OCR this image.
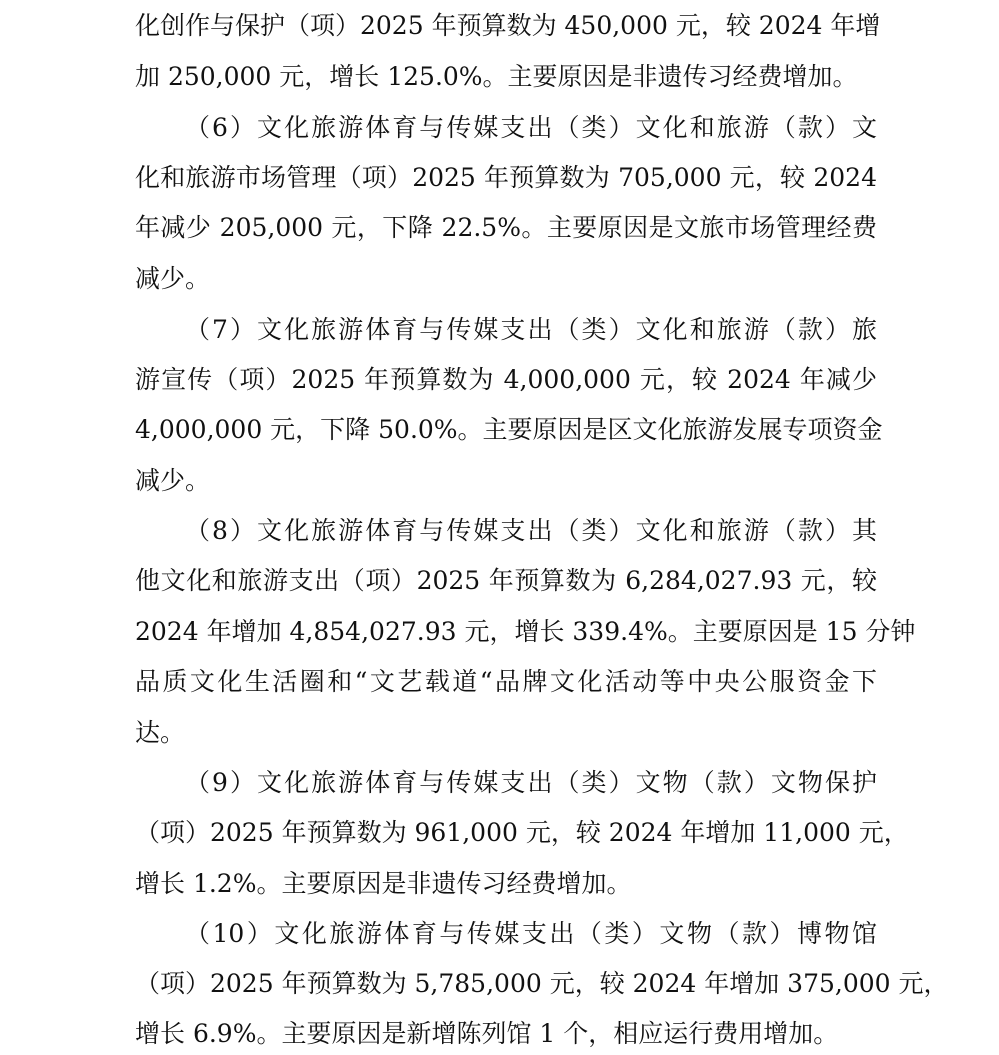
化创作与保护（项）2025 年预算数为 450,000 元，较 2024 年增
加 250,000 元，增长 125.0%。主要原因是非遗传习经费增加。
（6）文化旅游体育与传媒支出（类）文化和旅游（款）文
化和旅游市场管理（项）2025 年预算数为 705,000 元，较 2024
年减少 205,000 元，下降 22.5%。主要原因是文旅市场管理经费
减少。
（7）文化旅游体育与传媒支出（类）文化和旅游（款）旅
游宣传（项）2025 年预算数为 4,000,000 元，较 2024 年减少
4,000,000 元，下降 50.0%。主要原因是区文化旅游发展专项资金
减少。
（8）文化旅游体育与传媒支出（类）文化和旅游（款）其
他文化和旅游支出（项）2025 年预算数为 6,284,027.93 元，较
2024 年增加 4,854,027.93 元，增长 339.4%。主要原因是 15 分钟
品质文化生活圈和“文艺载道“品牌文化活动等中央公服资金下
达。
（9）文化旅游体育与传媒支出（类）文物（款）文物保护
（项）2025 年预算数为 961,000 元，较 2024 年增加 11,000 元，
增长 1.2%。主要原因是非遗传习经费增加。
（10）文化旅游体育与传媒支出（类）文物（款）博物馆
（项）2025 年预算数为 5,785,000 元，较 2024 年增加 375,000 元，
增长 6.9%。主要原因是新增陈列馆 1 个，相应运行费用增加。
